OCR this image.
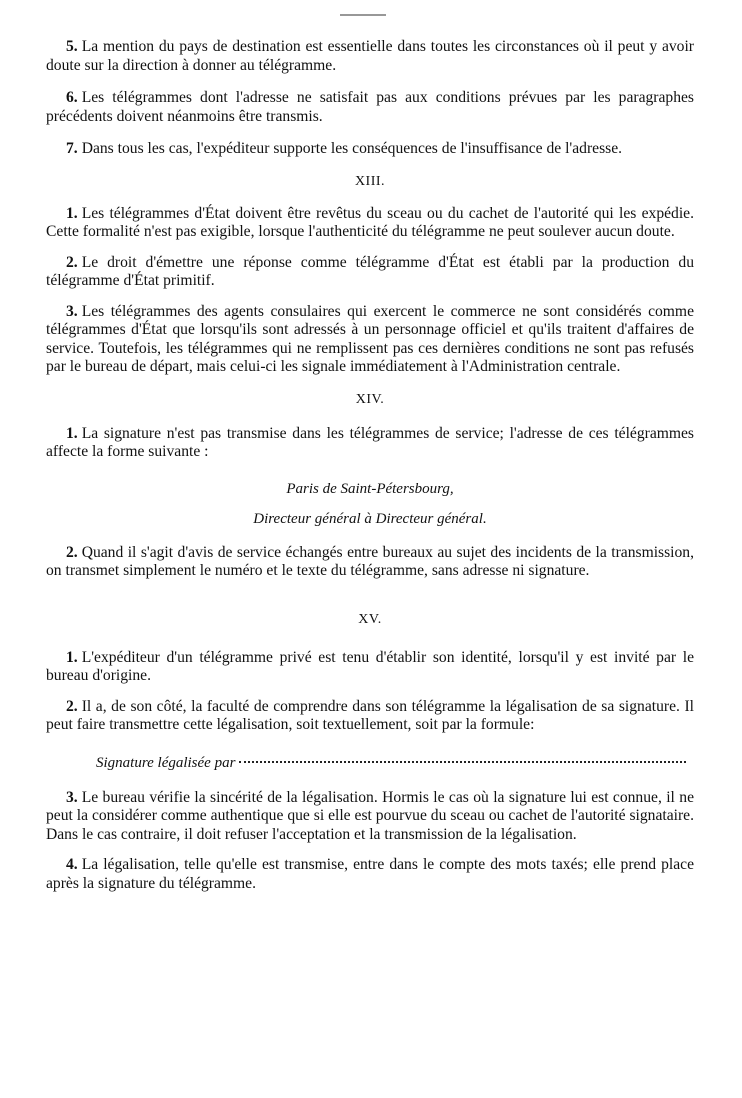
5. La mention du pays de destination est essentielle dans toutes les circonstances où il peut y avoir doute sur la direction à donner au télégramme.

6. Les télégrammes dont l'adresse ne satisfait pas aux conditions prévues par les paragraphes précédents doivent néanmoins être transmis.

7. Dans tous les cas, l'expéditeur supporte les conséquences de l'insuffisance de l'adresse.

XIII.

1. Les télégrammes d'État doivent être revêtus du sceau ou du cachet de l'autorité qui les expédie. Cette formalité n'est pas exigible, lorsque l'authenticité du télégramme ne peut soulever aucun doute.

2. Le droit d'émettre une réponse comme télégramme d'État est établi par la production du télégramme d'État primitif.

3. Les télégrammes des agents consulaires qui exercent le commerce ne sont considérés comme télégrammes d'État que lorsqu'ils sont adressés à un personnage officiel et qu'ils traitent d'affaires de service. Toutefois, les télégrammes qui ne remplissent pas ces dernières conditions ne sont pas refusés par le bureau de départ, mais celui-ci les signale immédiatement à l'Administration centrale.

XIV.

1. La signature n'est pas transmise dans les télégrammes de service; l'adresse de ces télégrammes affecte la forme suivante :

Paris de Saint-Pétersbourg,

Directeur général à Directeur général.

2. Quand il s'agit d'avis de service échangés entre bureaux au sujet des incidents de la transmission, on transmet simplement le numéro et le texte du télégramme, sans adresse ni signature.

XV.

1. L'expéditeur d'un télégramme privé est tenu d'établir son identité, lorsqu'il y est invité par le bureau d'origine.

2. Il a, de son côté, la faculté de comprendre dans son télégramme la légalisation de sa signature. Il peut faire transmettre cette légalisation, soit textuellement, soit par la formule:

Signature légalisée par

3. Le bureau vérifie la sincérité de la légalisation. Hormis le cas où la signature lui est connue, il ne peut la considérer comme authentique que si elle est pourvue du sceau ou cachet de l'autorité signataire. Dans le cas contraire, il doit refuser l'acceptation et la transmission de la légalisation.

4. La légalisation, telle qu'elle est transmise, entre dans le compte des mots taxés; elle prend place après la signature du télégramme.
